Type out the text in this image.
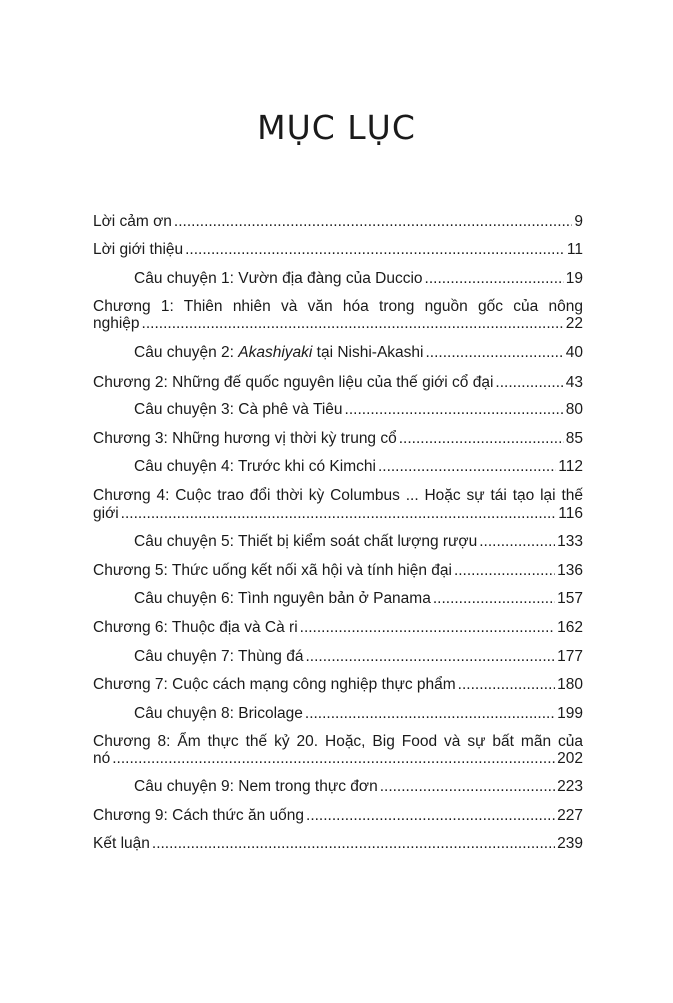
MỤC LỤC
Lời cảm ơn .....	9
Lời giới thiệu .....	11
Câu chuyện 1: Vườn địa đàng của Duccio .....	19
Chương 1: Thiên nhiên và văn hóa trong nguồn gốc của nông
nghiệp .....	22
Câu chuyện 2: Akashiyaki tại Nishi-Akashi .....	40
Chương 2: Những đế quốc nguyên liệu của thế giới cổ đại .....	43
Câu chuyện 3: Cà phê và Tiêu .....	80
Chương 3: Những hương vị thời kỳ trung cổ .....	85
Câu chuyện 4: Trước khi có Kimchi .....	112
Chương 4: Cuộc trao đổi thời kỳ Columbus ... Hoặc sự tái tạo lại thế
giới .....	116
Câu chuyện 5: Thiết bị kiểm soát chất lượng rượu .....	133
Chương 5: Thức uống kết nối xã hội và tính hiện đại .....	136
Câu chuyện 6: Tình nguyên bản ở Panama .....	157
Chương 6: Thuộc địa và Cà ri .....	162
Câu chuyện 7: Thùng đá .....	177
Chương 7: Cuộc cách mạng công nghiệp thực phẩm .....	180
Câu chuyện 8: Bricolage .....	199
Chương 8: Ẩm thực thế kỷ 20. Hoặc, Big Food và sự bất mãn của
nó .....	202
Câu chuyện 9: Nem trong thực đơn .....	223
Chương 9: Cách thức ăn uống .....	227
Kết luận .....	239
